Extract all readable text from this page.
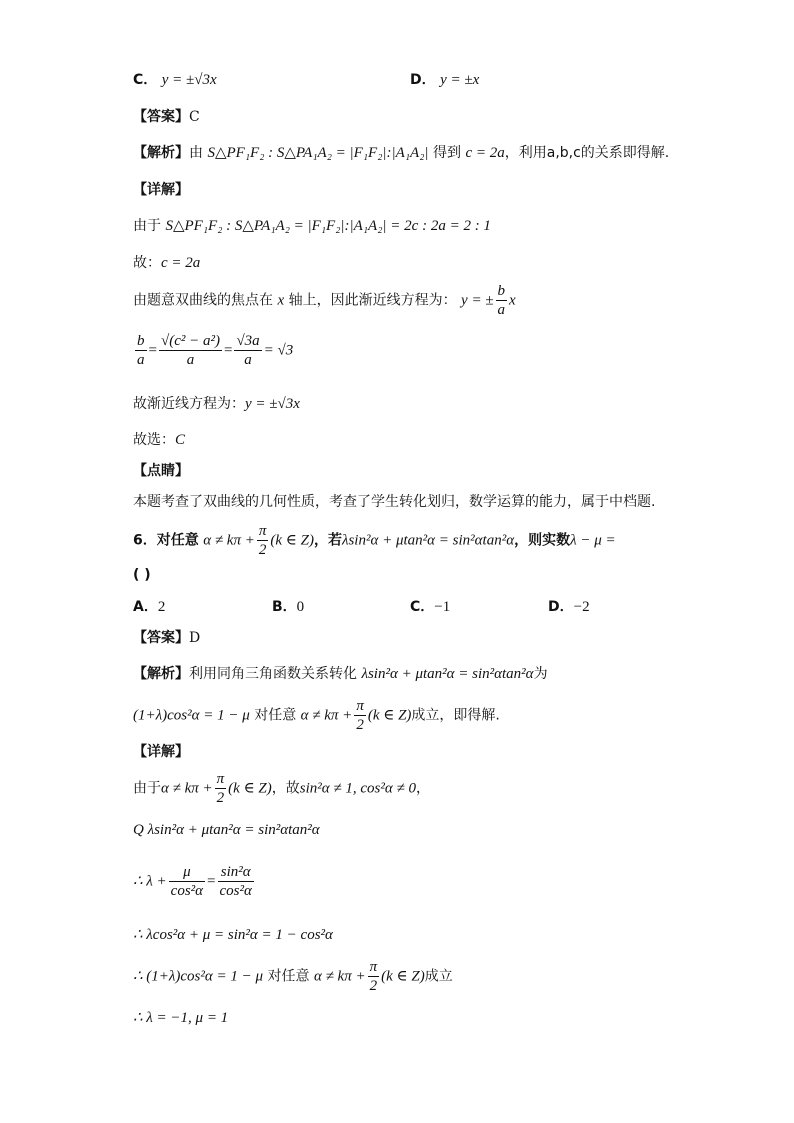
C． y = ±√3x	D． y = ±x
【答案】C
【解析】由 S△PF₁F₂ : S△PA₁A₂ = |F₁F₂|:|A₁A₂| 得到 c = 2a，利用a,b,c的关系即得解.
【详解】
由于 S△PF₁F₂ : S△PA₁A₂ = |F₁F₂|:|A₁A₂| = 2c : 2a = 2 : 1
故：c = 2a
由题意双曲线的焦点在 x 轴上，因此渐近线方程为： y = ± $\frac{b}{a}$ x
$\frac{b}{a} = \frac{\text{√(c² − a²)}}{a} = \frac{√3a}{a} = √3$
故渐近线方程为：y = ±√3x
故选：C
【点睛】
本题考查了双曲线的几何性质，考查了学生转化划归，数学运算的能力，属于中档题.
6．对任意 $\alpha \ne k\pi + \frac{\pi}{2} (k$ ∈ Z)，若λsin²α + μtan²α = sin²αtan²α，则实数λ − μ =
( )
A．2	B．0	C．−1	D．−2
【答案】D
【解析】利用同角三角函数关系转化 λsin²α + μtan²α = sin²αtan²α为
(1+λ)cos²α = 1 − μ 对任意 $\alpha \ne k\pi + \frac{\pi}{2} (k$ ∈ Z)成立，即得解.
【详解】
由于$\alpha \ne k\pi + \frac{\pi}{2} (k$ ∈ Z)，故sin²α ≠ 1, cos²α ≠ 0，
Q λsin²α + μtan²α = sin²αtan²α
∴ $\lambda + \frac{\mu}{\text{cos²α}} = \frac{\text{sin²α}}{\text{cos²α}}$
∴ λcos²α + μ = sin²α = 1 − cos²α
∴ (1+λ)cos²α = 1 − μ 对任意 $\alpha \ne k\pi + \frac{\pi}{2} (k$ ∈ Z)成立
∴ λ = −1, μ = 1
